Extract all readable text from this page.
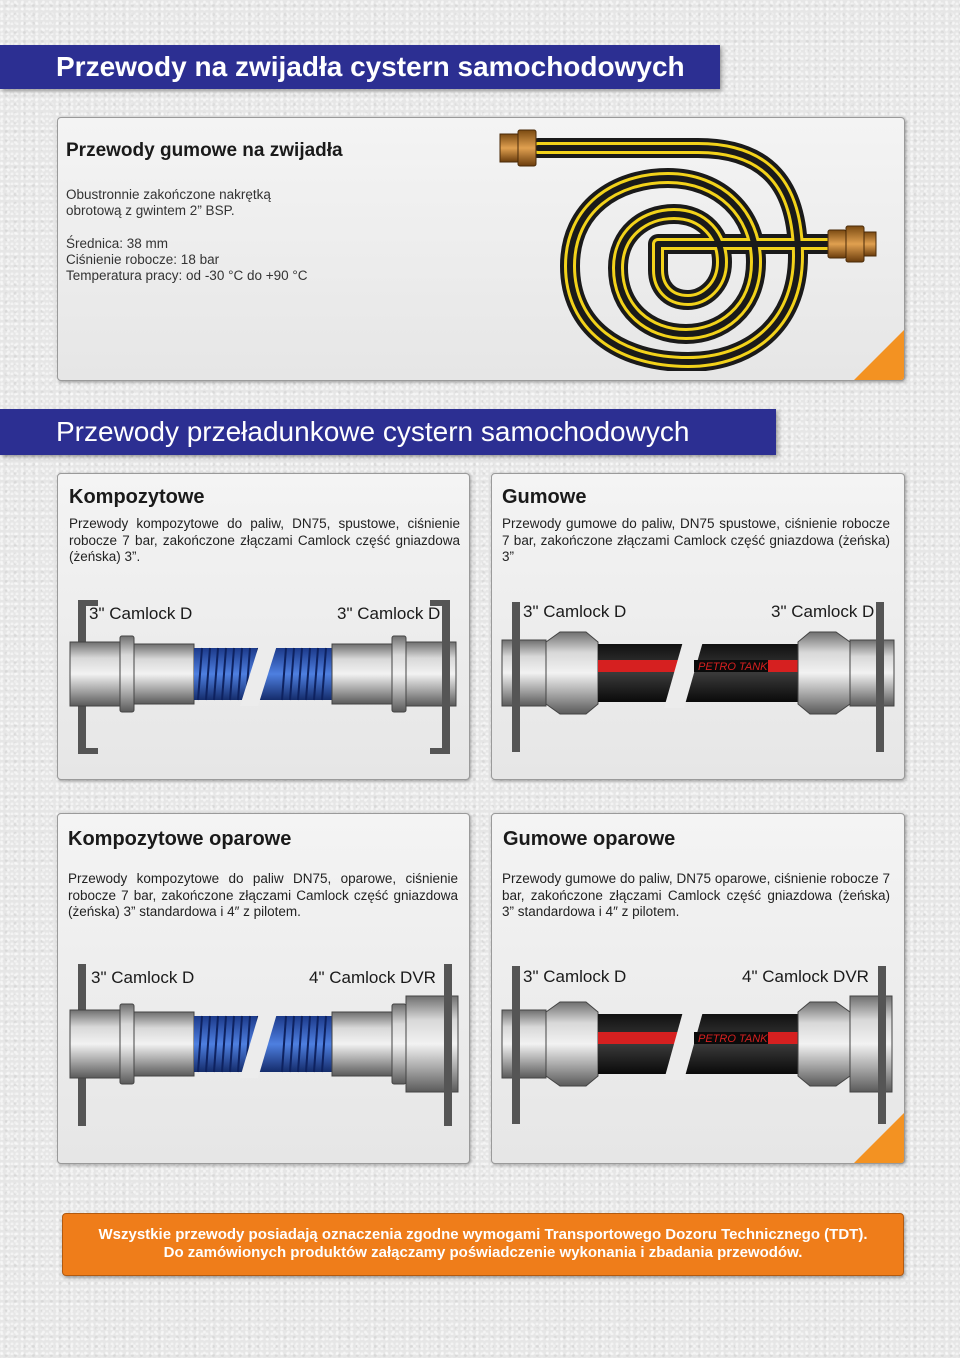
Przewody na zwijadła cystern samochodowych
Przewody gumowe na zwijadła
Obustronnie zakończone nakrętką
obrotową z gwintem 2” BSP.
Średnica: 38 mm
Ciśnienie robocze: 18 bar
Temperatura pracy: od -30 °C do +90 °C
Przewody przeładunkowe cystern samochodowych
Kompozytowe
Przewody kompozytowe do paliw, DN75, spustowe, ciśnienie robocze 7 bar, zakończone złączami Camlock część gniazdowa (żeńska) 3”.
3" Camlock D	3" Camlock D
Gumowe
Przewody gumowe do paliw, DN75 spustowe, ciśnienie robocze 7 bar, zakończone złączami Camlock część gniazdowa (żeńska) 3”
3" Camlock D	3" Camlock D
PETRO TANK
Kompozytowe oparowe
Przewody kompozytowe do paliw DN75, oparowe, ciśnienie robocze 7 bar, zakończone złączami Camlock część gniazdowa (żeńska) 3” standardowa i 4″ z pilotem.
3" Camlock D	4" Camlock DVR
Gumowe oparowe
Przewody gumowe do paliw, DN75 oparowe, ciśnienie robocze 7 bar, zakończone złączami Camlock część gniazdowa (żeńska) 3” standardowa i 4″ z pilotem.
3" Camlock D	4" Camlock DVR
PETRO TANK
Wszystkie przewody posiadają oznaczenia zgodne wymogami Transportowego Dozoru Technicznego (TDT).
Do zamówionych produktów załączamy poświadczenie wykonania i zbadania przewodów.
